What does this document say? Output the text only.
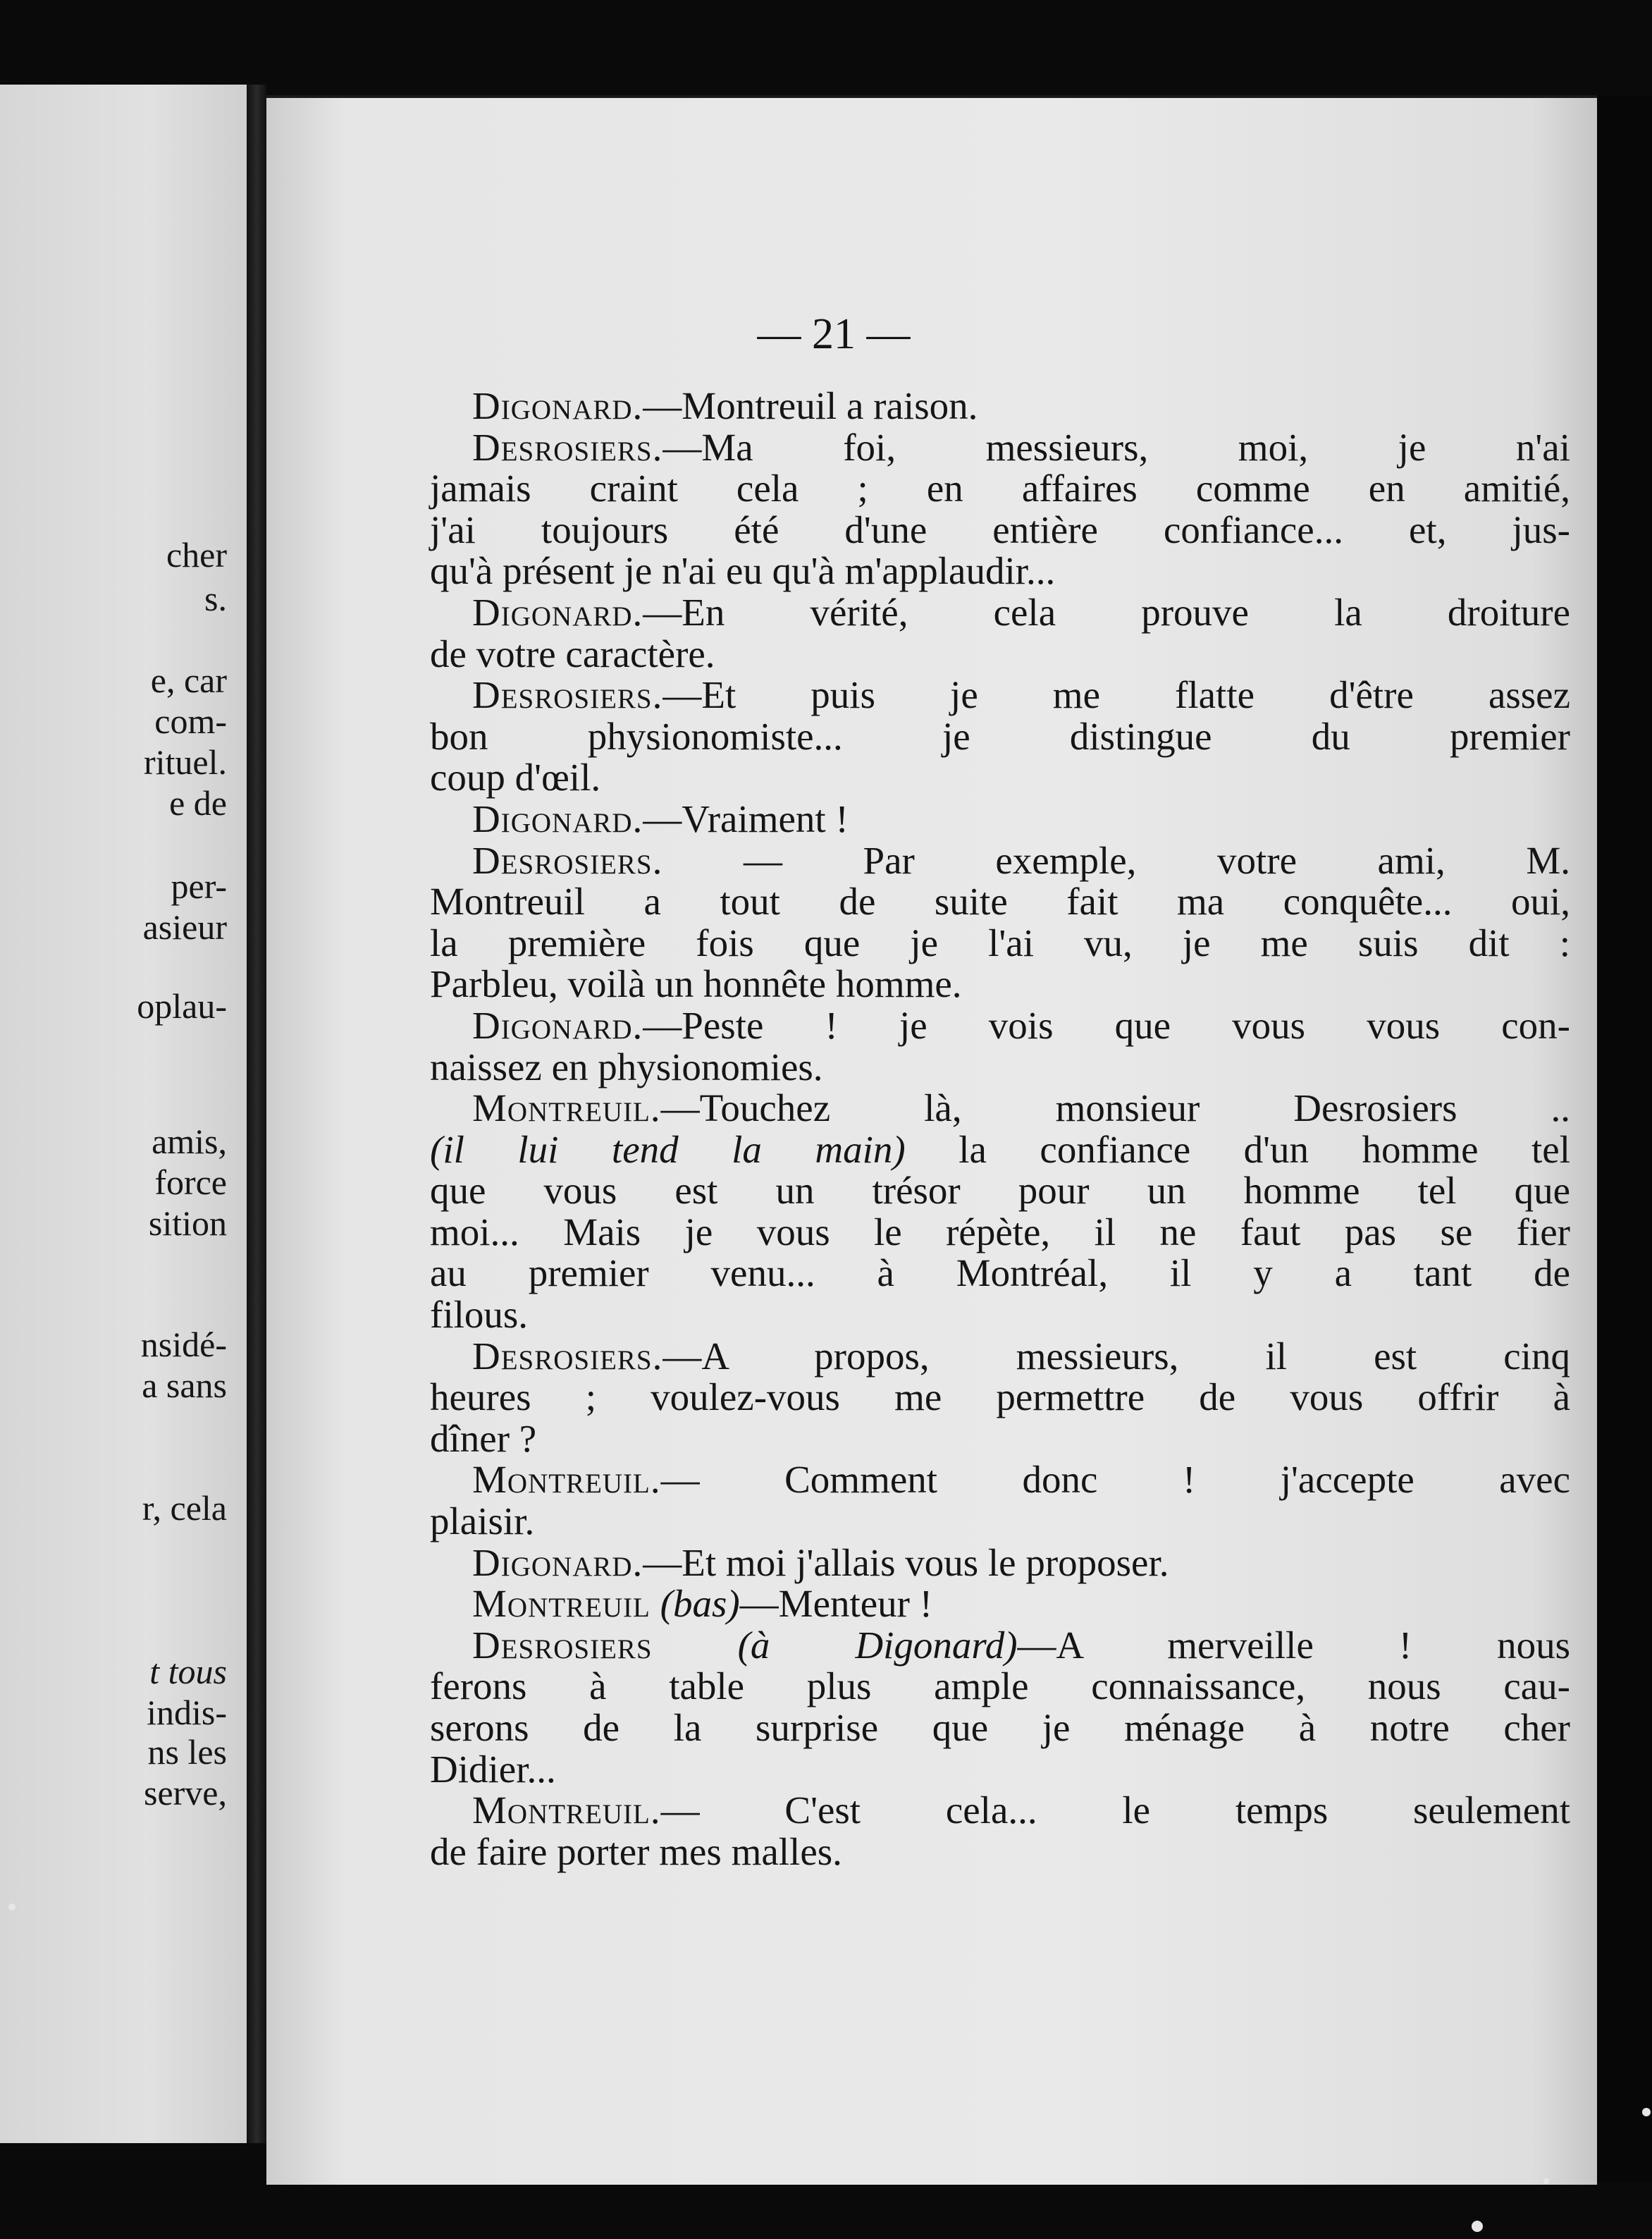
cher
s.
e, car
com-
rituel.
e de
per-
asieur
oplau-
amis,
force
sition
nsidé-
a sans
r, cela
t tous
indis-
ns les
serve,
— 21 —
Digonard.—Montreuil a raison.
Desrosiers.—Ma foi, messieurs, moi, je n'ai
jamais craint cela ; en affaires comme en amitié,
j'ai toujours été d'une entière confiance... et, jus-
qu'à présent je n'ai eu qu'à m'applaudir...
Digonard.—En vérité, cela prouve la droiture
de votre caractère.
Desrosiers.—Et puis je me flatte d'être assez
bon physionomiste... je distingue du premier
coup d'œil.
Digonard.—Vraiment !
Desrosiers. — Par exemple, votre ami, M.
Montreuil a tout de suite fait ma conquête... oui,
la première fois que je l'ai vu, je me suis dit :
Parbleu, voilà un honnête homme.
Digonard.—Peste ! je vois que vous vous con-
naissez en physionomies.
Montreuil.—Touchez là, monsieur Desrosiers ..
(il lui tend la main) la confiance d'un homme tel
que vous est un trésor pour un homme tel que
moi... Mais je vous le répète, il ne faut pas se fier
au premier venu... à Montréal, il y a tant de
filous.
Desrosiers.—A propos, messieurs, il est cinq
heures ; voulez-vous me permettre de vous offrir à
dîner ?
Montreuil.— Comment donc ! j'accepte avec
plaisir.
Digonard.—Et moi j'allais vous le proposer.
Montreuil (bas)—Menteur !
Desrosiers (à Digonard)—A merveille ! nous
ferons à table plus ample connaissance, nous cau-
serons de la surprise que je ménage à notre cher
Didier...
Montreuil.— C'est cela... le temps seulement
de faire porter mes malles.
